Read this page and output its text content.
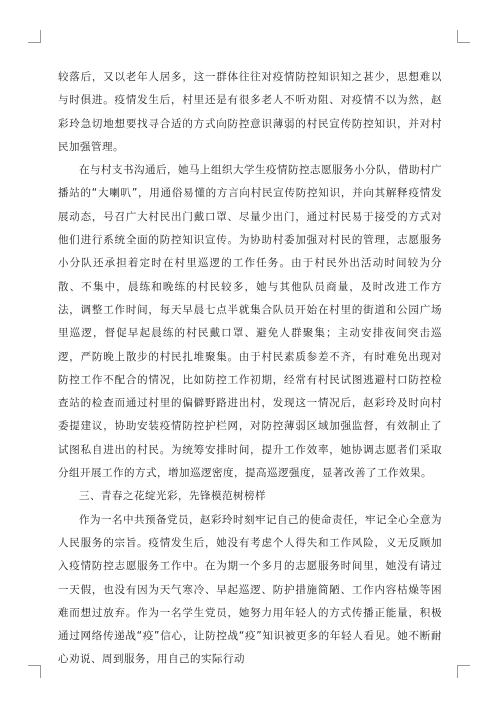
较落后，又以老年人居多，这一群体往往对疫情防控知识知之甚少，思想难以与时俱进。疫情发生后，村里还是有很多老人不听劝阻、对疫情不以为然，赵彩玲急切地想要找寻合适的方式向防控意识薄弱的村民宣传防控知识，并对村民加强管理。

在与村支书沟通后，她马上组织大学生疫情防控志愿服务小分队，借助村广播站的“大喇叭”，用通俗易懂的方言向村民宣传防控知识，并向其解释疫情发展动态，号召广大村民出门戴口罩、尽量少出门，通过村民易于接受的方式对他们进行系统全面的防控知识宣传。为协助村委加强对村民的管理，志愿服务小分队还承担着定时在村里巡逻的工作任务。由于村民外出活动时间较为分散、不集中，晨练和晚练的村民较多，她与其他队员商量，及时改进工作方法，调整工作时间，每天早晨七点半就集合队员开始在村里的街道和公园广场里巡逻，督促早起晨练的村民戴口罩、避免人群聚集；主动安排夜间突击巡逻，严防晚上散步的村民扎堆聚集。由于村民素质参差不齐，有时难免出现对防控工作不配合的情况，比如防控工作初期，经常有村民试图逃避村口防控检查站的检查而通过村里的偏僻野路进出村，发现这一情况后，赵彩玲及时向村委提建议，协助安装疫情防控护栏网，对防控薄弱区域加强监督，有效制止了试图私自进出的村民。为统筹安排时间，提升工作效率，她协调志愿者们采取分组开展工作的方式，增加巡逻密度，提高巡逻强度，显著改善了工作效果。

三、青春之花绽光彩，先锋模范树榜样

作为一名中共预备党员，赵彩玲时刻牢记自己的使命责任，牢记全心全意为人民服务的宗旨。疫情发生后，她没有考虑个人得失和工作风险，义无反顾加入疫情防控志愿服务工作中。在为期一个多月的志愿服务时间里，她没有请过一天假，也没有因为天气寒冷、早起巡逻、防护措施简陋、工作内容枯燥等困难而想过放弃。作为一名学生党员，她努力用年轻人的方式传播正能量，积极通过网络传递战“疫”信心，让防控战“疫”知识被更多的年轻人看见。她不断耐心劝说、周到服务，用自己的实际行动
